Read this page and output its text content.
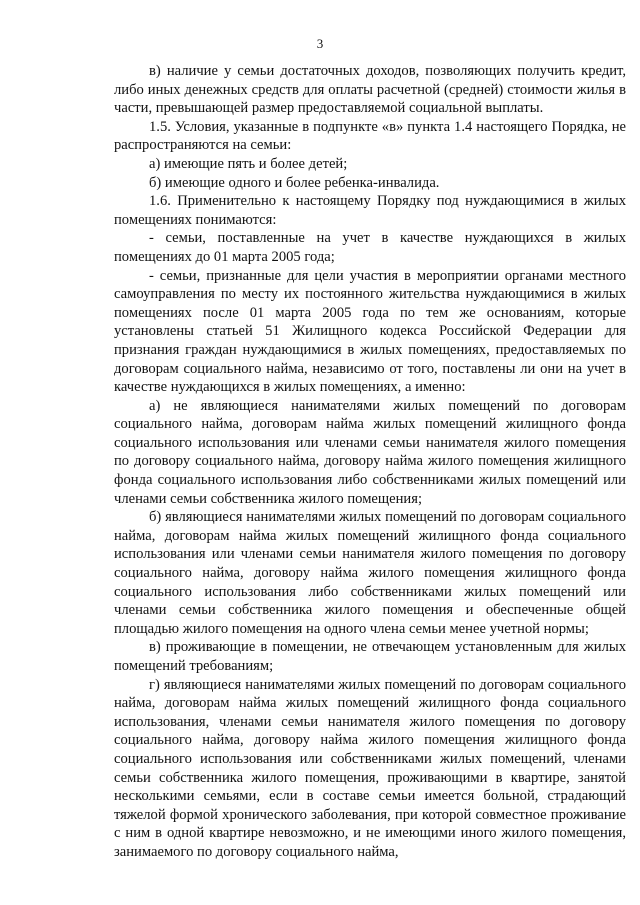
3

в) наличие у семьи достаточных доходов, позволяющих получить кредит, либо иных денежных средств для оплаты расчетной (средней) стоимости жилья в части, превышающей размер предоставляемой социальной выплаты.

1.5. Условия, указанные в подпункте «в» пункта 1.4 настоящего Порядка, не распространяются на семьи:

а) имеющие пять и более детей;

б) имеющие одного и более ребенка-инвалида.

1.6. Применительно к настоящему Порядку под нуждающимися в жилых помещениях понимаются:

- семьи, поставленные на учет в качестве нуждающихся в жилых помещениях до 01 марта 2005 года;

- семьи, признанные для цели участия в мероприятии органами местного самоуправления по месту их постоянного жительства нуждающимися в жилых помещениях после 01 марта 2005 года по тем же основаниям, которые установлены статьей 51 Жилищного кодекса Российской Федерации для признания граждан нуждающимися в жилых помещениях, предоставляемых по договорам социального найма, независимо от того, поставлены ли они на учет в качестве нуждающихся в жилых помещениях, а именно:

а) не являющиеся нанимателями жилых помещений по договорам социального найма, договорам найма жилых помещений жилищного фонда социального использования или членами семьи нанимателя жилого помещения по договору социального найма, договору найма жилого помещения жилищного фонда социального использования либо собственниками жилых помещений или членами семьи собственника жилого помещения;

б) являющиеся нанимателями жилых помещений по договорам социального найма, договорам найма жилых помещений жилищного фонда социального использования или членами семьи нанимателя жилого помещения по договору социального найма, договору найма жилого помещения жилищного фонда социального использования либо собственниками жилых помещений или членами семьи собственника жилого помещения и обеспеченные общей площадью жилого помещения на одного члена семьи менее учетной нормы;

в) проживающие в помещении, не отвечающем установленным для жилых помещений требованиям;

г) являющиеся нанимателями жилых помещений по договорам социального найма, договорам найма жилых помещений жилищного фонда социального использования, членами семьи нанимателя жилого помещения по договору социального найма, договору найма жилого помещения жилищного фонда социального использования или собственниками жилых помещений, членами семьи собственника жилого помещения, проживающими в квартире, занятой несколькими семьями, если в составе семьи имеется больной, страдающий тяжелой формой хронического заболевания, при которой совместное проживание с ним в одной квартире невозможно, и не имеющими иного жилого помещения, занимаемого по договору социального найма,
